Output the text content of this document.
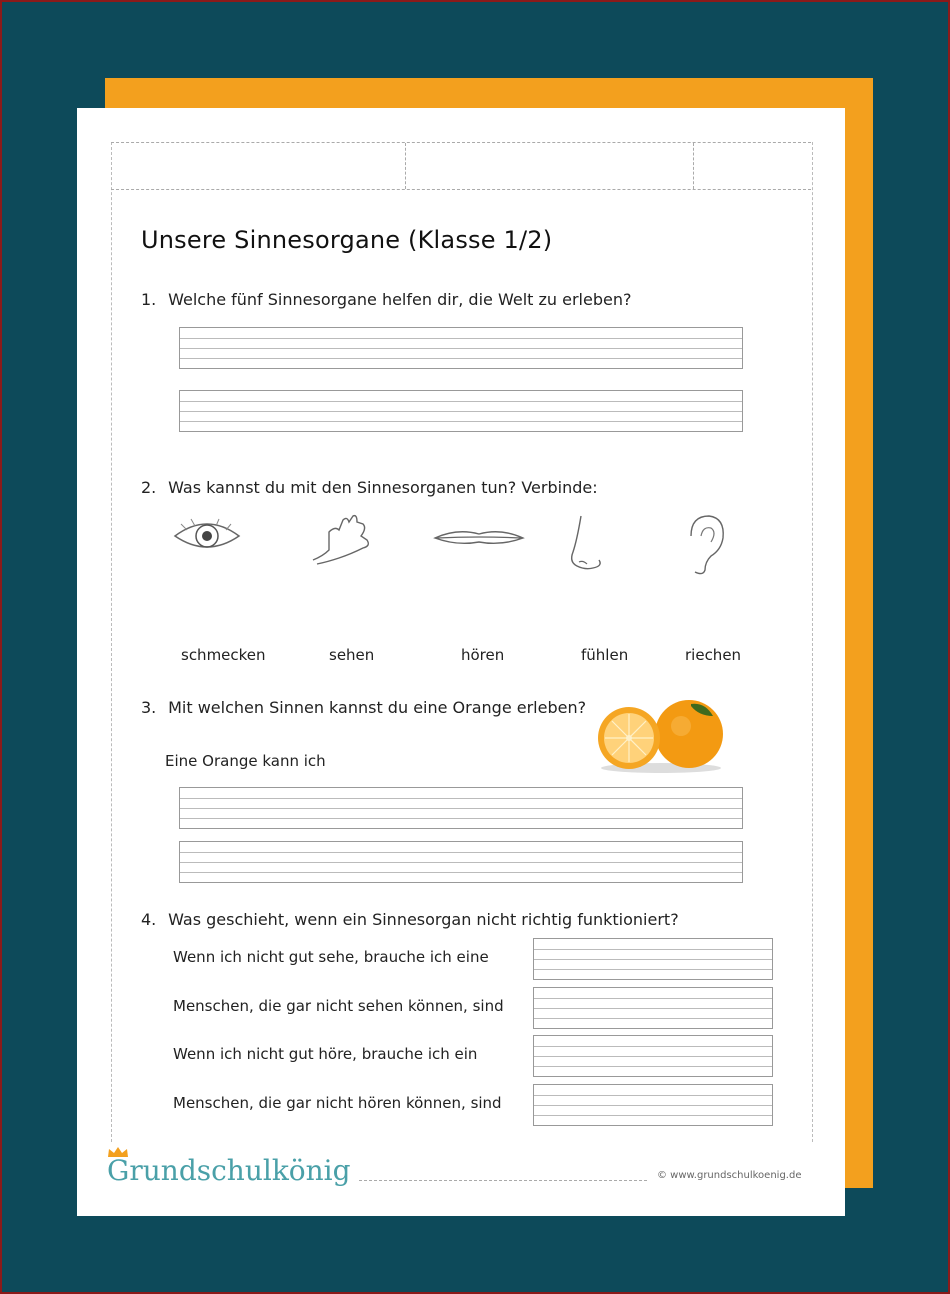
Unsere Sinnesorgane (Klasse 1/2)
1. Welche fünf Sinnesorgane helfen dir, die Welt zu erleben?
2. Was kannst du mit den Sinnesorganen tun? Verbinde:
schmecken	sehen	hören	fühlen	riechen
3. Mit welchen Sinnen kannst du eine Orange erleben?
Eine Orange kann ich
4. Was geschieht, wenn ein Sinnesorgan nicht richtig funktioniert?
Wenn ich nicht gut sehe, brauche ich eine
Menschen, die gar nicht sehen können, sind
Wenn ich nicht gut höre, brauche ich ein
Menschen, die gar nicht hören können, sind
Grundschulkönig	© www.grundschulkoenig.de
